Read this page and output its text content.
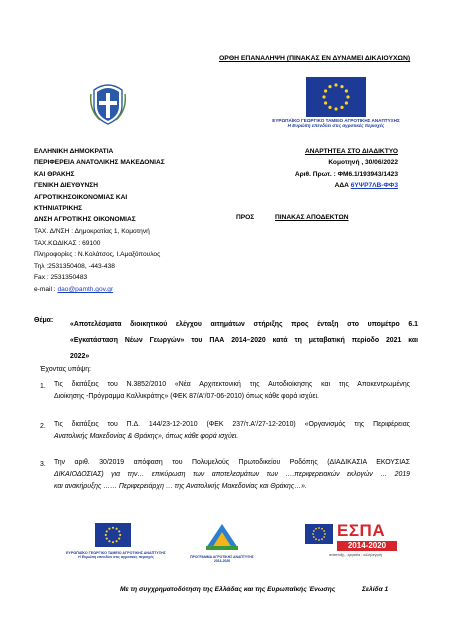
ΟΡΘΗ ΕΠΑΝΑΛΗΨΗ (ΠΙΝΑΚΑΣ ΕΝ ΔΥΝΑΜΕΙ ΔΙΚΑΙΟΥΧΩΝ)
ΕΥΡΩΠΑΪΚΟ ΓΕΩΡΓΙΚΟ ΤΑΜΕΙΟ ΑΓΡΟΤΙΚΗΣ ΑΝΑΠΤΥΞΗΣ
Η Ευρώπη επενδύει στις αγροτικές περιοχές
ΕΛΛΗΝΙΚΗ ΔΗΜΟΚΡΑΤΙΑ
ΠΕΡΙΦΕΡΕΙΑ ΑΝΑΤΟΛΙΚΗΣ ΜΑΚΕΔΟΝΙΑΣ
ΚΑΙ ΘΡΑΚΗΣ
ΓΕΝΙΚΗ ΔΙΕΥΘΥΝΣΗ
ΑΓΡΟΤΙΚΗΣΟΙΚΟΝΟΜΙΑΣ ΚΑΙ
ΚΤΗΝΙΑΤΡΙΚΗΣ
ΔΝΣΗ ΑΓΡΟΤΙΚΗΣ ΟΙΚΟΝΟΜΙΑΣ
ΤΑΧ. Δ/ΝΣΗ : Δημοκρατίας 1, Κομοτηνή
ΤΑΧ.ΚΩΔΙΚΑΣ : 69100
Πληροφορίες : Ν.Κολάτσος, Ι.Αμαξόπουλος
Τηλ :2531350408, -443-438
Fax : 2531350483
e-mail : dao@pamth.gov.gr
ΑΝΑΡΤΗΤΕΑ ΣΤΟ ΔΙΑΔΙΚΤΥΟ
Κομοτηνή , 30/06/2022
Αριθ. Πρωτ. : ΦΜ6.1/193943/1423
ΑΔΑ 6ΥΨΡ7ΛΒ-ΦΦ3
ΠΡΟΣ	ΠΙΝΑΚΑΣ ΑΠΟΔΕΚΤΩΝ
Θέμα:
«Αποτελέσματα διοικητικού ελέγχου αιτημάτων στήριξης προς ένταξη στο υπομέτρο 6.1
«Εγκατάσταση Νέων Γεωργών» του ΠΑΑ 2014–2020 κατά τη μεταβατική περίοδο 2021 και
2022»
Έχοντας υπόψη:
1. Τις διατάξεις του Ν.3852/2010 «Νέα Αρχιτεκτονική της Αυτοδιοίκησης και της Αποκεντρωμένης
Διοίκησης -Πρόγραμμα Καλλικράτης» (ΦΕΚ 87/Α'/07-06-2010) όπως κάθε φορά ισχύει.
2. Τις διατάξεις του Π.Δ. 144/23-12-2010 (ΦΕΚ 237/τ.Α'/27-12-2010) «Οργανισμός της Περιφέρειας
Ανατολικής Μακεδονίας & Θράκης», όπως κάθε φορά ισχύει.
3. Την αριθ. 30/2019 απόφαση του Πολυμελούς Πρωτοδικείου Ροδόπης (ΔΙΑΔΙΚΑΣΙΑ ΕΚΟΥΣΙΑΣ
ΔΙΚΑΙΟΔΟΣΙΑΣ) για την… επικύρωση των αποτελεσμάτων των ….περιφερειακών εκλογών … 2019
και ανακήρυξης …… Περιφερειάρχη … της Ανατολικής Μακεδονίας και Θράκης…».
ΕΥΡΩΠΑΪΚΟ ΓΕΩΡΓΙΚΟ ΤΑΜΕΙΟ ΑΓΡΟΤΙΚΗΣ ΑΝΑΠΤΥΞΗΣ
Η Ευρώπη επενδύει στις αγροτικές περιοχές	ΠΡΟΓΡΑΜΜΑ ΑΓΡΟΤΙΚΗΣ ΑΝΑΠΤΥΞΗΣ
2014-2020
ΕΣΠΑ
2014-2020
ανάπτυξη - εργασία - αλληλεγγύη
Με τη συγχρηματοδότηση της Ελλάδας και της Ευρωπαϊκής Ένωσης	Σελίδα 1
